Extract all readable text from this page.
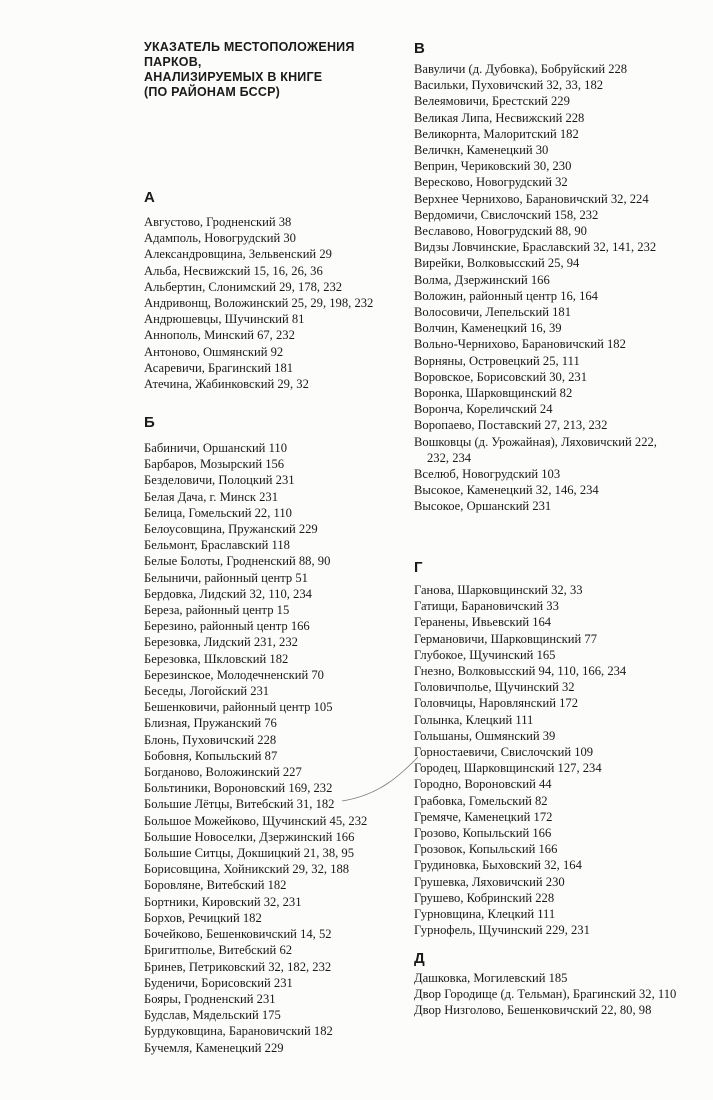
УКАЗАТЕЛЬ МЕСТОПОЛОЖЕНИЯ
ПАРКОВ,
АНАЛИЗИРУЕМЫХ В КНИГЕ
(ПО РАЙОНАМ БССР)
А
Б
В
Г
Д
Августово, Гродненский 38
Адамполь, Новогрудский 30
Александровщина, Зельвенский 29
Альба, Несвижский 15, 16, 26, 36
Альбертин, Слонимский 29, 178, 232
Андривонщ, Воложинский 25, 29, 198, 232
Андрюшевцы, Шучинский 81
Аннополь, Минский 67, 232
Антоново, Ошмянский 92
Асаревичи, Брагинский 181
Атечина, Жабинковский 29, 32
Бабиничи, Оршанский 110
Барбаров, Мозырский 156
Безделовичи, Полоцкий 231
Белая Дача, г. Минск 231
Белица, Гомельский 22, 110
Белоусовщина, Пружанский 229
Бельмонт, Браславский 118
Белые Болоты, Гродненский 88, 90
Белыничи, районный центр 51
Бердовка, Лидский 32, 110, 234
Береза, районный центр 15
Березино, районный центр 166
Березовка, Лидский 231, 232
Березовка, Шкловский 182
Березинское, Молодечненский 70
Беседы, Логойский 231
Бешенковичи, районный центр 105
Близная, Пружанский 76
Блонь, Пуховичский 228
Бобовня, Копыльский 87
Богданово, Воложинский 227
Больтиники, Вороновский 169, 232
Большие Лётцы, Витебский 31, 182
Большое Можейково, Щучинский 45, 232
Большие Новоселки, Дзержинский 166
Большие Ситцы, Докшицкий 21, 38, 95
Борисовщина, Хойникский 29, 32, 188
Боровляне, Витебский 182
Бортники, Кировский 32, 231
Борхов, Речицкий 182
Бочейково, Бешенковичский 14, 52
Бригитполье, Витебский 62
Бринев, Петриковский 32, 182, 232
Буденичи, Борисовский 231
Бояры, Гродненский 231
Будслав, Мядельский 175
Бурдуковщина, Барановичский 182
Бучемля, Каменецкий 229
Вавуличи (д. Дубовка), Бобруйский 228
Васильки, Пуховичский 32, 33, 182
Велеямовичи, Брестский 229
Великая Липа, Несвижский 228
Великорнта, Малоритский 182
Величкн, Каменецкий 30
Веприн, Чериковский 30, 230
Вересково, Новогрудский 32
Верхнее Чернихово, Барановичский 32, 224
Вердомичи, Свислочский 158, 232
Веславово, Новогрудский 88, 90
Видзы Ловчинские, Браславский 32, 141, 232
Вирейки, Волковысский 25, 94
Волма, Дзержинский 166
Воложин, районный центр 16, 164
Волосовичи, Лепельский 181
Волчин, Каменецкий 16, 39
Вольно-Чернихово, Барановичский 182
Ворняны, Островецкий 25, 111
Воровское, Борисовский 30, 231
Воронка, Шарковщинский 82
Ворончa, Кореличский 24
Воропаево, Поставский 27, 213, 232
Вошковцы (д. Урожайная), Ляховичский 222, 232, 234
Вселюб, Новогрудский 103
Высокое, Каменецкий 32, 146, 234
Высокое, Оршанский 231
Ганова, Шарковщинский 32, 33
Гатищи, Барановичский 33
Геранены, Ивьевский 164
Германовичи, Шарковщинский 77
Глубокое, Щучинский 165
Гнезно, Волковысский 94, 110, 166, 234
Головичполье, Щучинский 32
Головчицы, Наровлянский 172
Голынка, Клецкий 111
Гольшаны, Ошмянский 39
Горностаевичи, Свислочский 109
Городец, Шарковщинский 127, 234
Городно, Вороновский 44
Грабовка, Гомельский 82
Гремяче, Каменецкий 172
Грозово, Копыльский 166
Грозовок, Копыльский 166
Грудиновка, Быховский 32, 164
Грушевка, Ляховичский 230
Грушево, Кобринский 228
Гурновщина, Клецкий 111
Гурнофель, Щучинский 229, 231
Дашковка, Могилевский 185
Двор Городище (д. Тельман), Брагинский 32, 110
Двор Низголово, Бешенковичский 22, 80, 98
